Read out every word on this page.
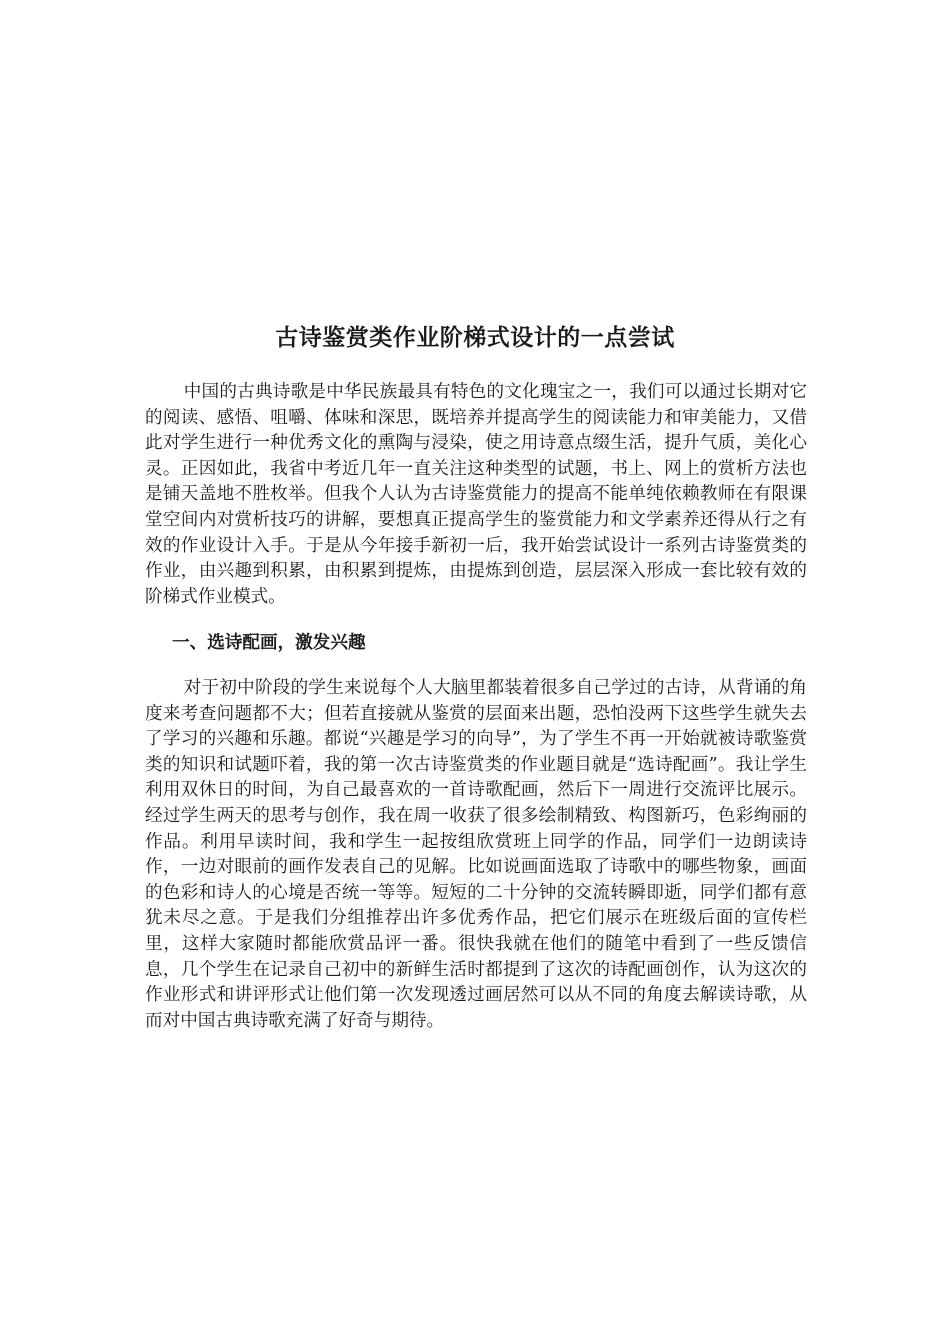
古诗鉴赏类作业阶梯式设计的一点尝试

中国的古典诗歌是中华民族最具有特色的文化瑰宝之一，我们可以通过长期对它的阅读、感悟、咀嚼、体味和深思，既培养并提高学生的阅读能力和审美能力，又借此对学生进行一种优秀文化的熏陶与浸染，使之用诗意点缀生活，提升气质，美化心灵。正因如此，我省中考近几年一直关注这种类型的试题，书上、网上的赏析方法也是铺天盖地不胜枚举。但我个人认为古诗鉴赏能力的提高不能单纯依赖教师在有限课堂空间内对赏析技巧的讲解，要想真正提高学生的鉴赏能力和文学素养还得从行之有效的作业设计入手。于是从今年接手新初一后，我开始尝试设计一系列古诗鉴赏类的作业，由兴趣到积累，由积累到提炼，由提炼到创造，层层深入形成一套比较有效的阶梯式作业模式。

一、选诗配画，激发兴趣

对于初中阶段的学生来说每个人大脑里都装着很多自己学过的古诗，从背诵的角度来考查问题都不大；但若直接就从鉴赏的层面来出题，恐怕没两下这些学生就失去了学习的兴趣和乐趣。都说“兴趣是学习的向导”，为了学生不再一开始就被诗歌鉴赏类的知识和试题吓着，我的第一次古诗鉴赏类的作业题目就是“选诗配画”。我让学生利用双休日的时间，为自己最喜欢的一首诗歌配画，然后下一周进行交流评比展示。经过学生两天的思考与创作，我在周一收获了很多绘制精致、构图新巧，色彩绚丽的作品。利用早读时间，我和学生一起按组欣赏班上同学的作品，同学们一边朗读诗作，一边对眼前的画作发表自己的见解。比如说画面选取了诗歌中的哪些物象，画面的色彩和诗人的心境是否统一等等。短短的二十分钟的交流转瞬即逝，同学们都有意犹未尽之意。于是我们分组推荐出许多优秀作品，把它们展示在班级后面的宣传栏里，这样大家随时都能欣赏品评一番。很快我就在他们的随笔中看到了一些反馈信息，几个学生在记录自己初中的新鲜生活时都提到了这次的诗配画创作，认为这次的作业形式和讲评形式让他们第一次发现透过画居然可以从不同的角度去解读诗歌，从而对中国古典诗歌充满了好奇与期待。
